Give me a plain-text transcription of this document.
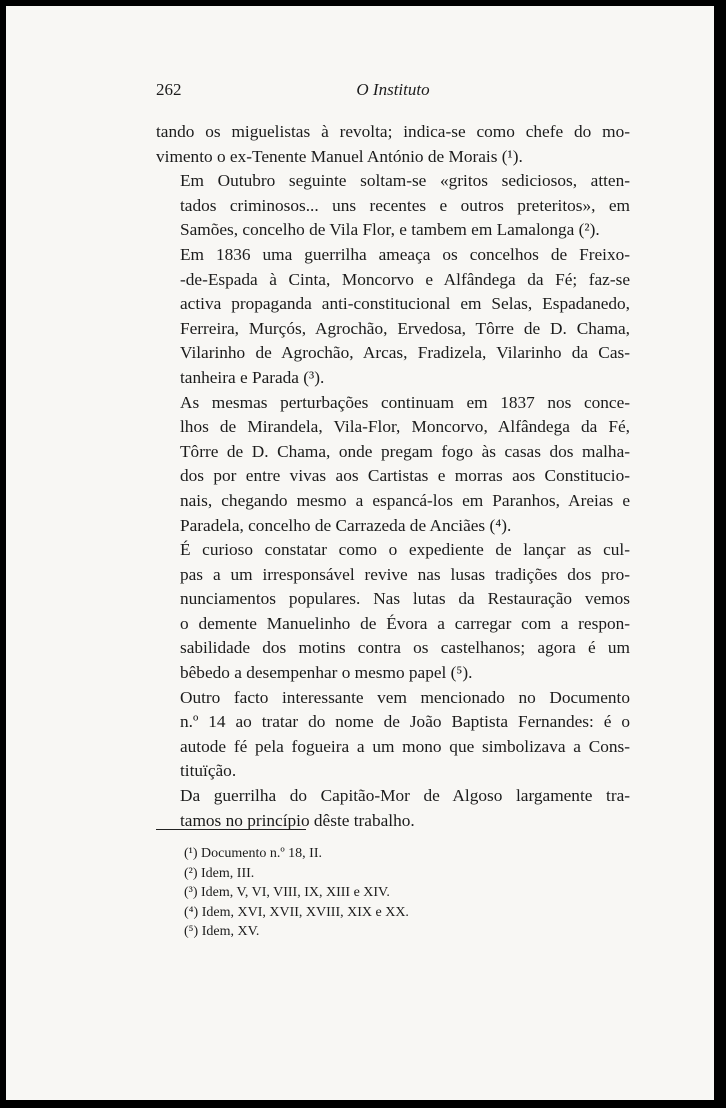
262	O Instituto

tando os miguelistas à revolta; indica-se como chefe do mo-
vimento o ex-Tenente Manuel António de Morais (¹).

Em Outubro seguinte soltam-se «gritos sediciosos, atten-
tados criminosos... uns recentes e outros preteritos», em
Samões, concelho de Vila Flor, e tambem em Lamalonga (²).

Em 1836 uma guerrilha ameaça os concelhos de Freixo-
-de-Espada à Cinta, Moncorvo e Alfândega da Fé; faz-se
activa propaganda anti-constitucional em Selas, Espadanedo,
Ferreira, Murçós, Agrochão, Ervedosa, Tôrre de D. Chama,
Vilarinho de Agrochão, Arcas, Fradizela, Vilarinho da Cas-
tanheira e Parada (³).

As mesmas perturbações continuam em 1837 nos conce-
lhos de Mirandela, Vila-Flor, Moncorvo, Alfândega da Fé,
Tôrre de D. Chama, onde pregam fogo às casas dos malha-
dos por entre vivas aos Cartistas e morras aos Constitucio-
nais, chegando mesmo a espancá-los em Paranhos, Areias e
Paradela, concelho de Carrazeda de Anciães (⁴).

É curioso constatar como o expediente de lançar as cul-
pas a um irresponsável revive nas lusas tradições dos pro-
nunciamentos populares. Nas lutas da Restauração vemos
o demente Manuelinho de Évora a carregar com a respon-
sabilidade dos motins contra os castelhanos; agora é um
bêbedo a desempenhar o mesmo papel (⁵).

Outro facto interessante vem mencionado no Documento
n.º 14 ao tratar do nome de João Baptista Fernandes: é o
autode fé pela fogueira a um mono que simbolizava a Cons-
tituïção.

Da guerrilha do Capitão-Mor de Algoso largamente tra-
tamos no princípio dêste trabalho.

(¹) Documento n.º 18, II.

(²) Idem, III.

(³) Idem, V, VI, VIII, IX, XIII e XIV.

(⁴) Idem, XVI, XVII, XVIII, XIX e XX.

(⁵) Idem, XV.
